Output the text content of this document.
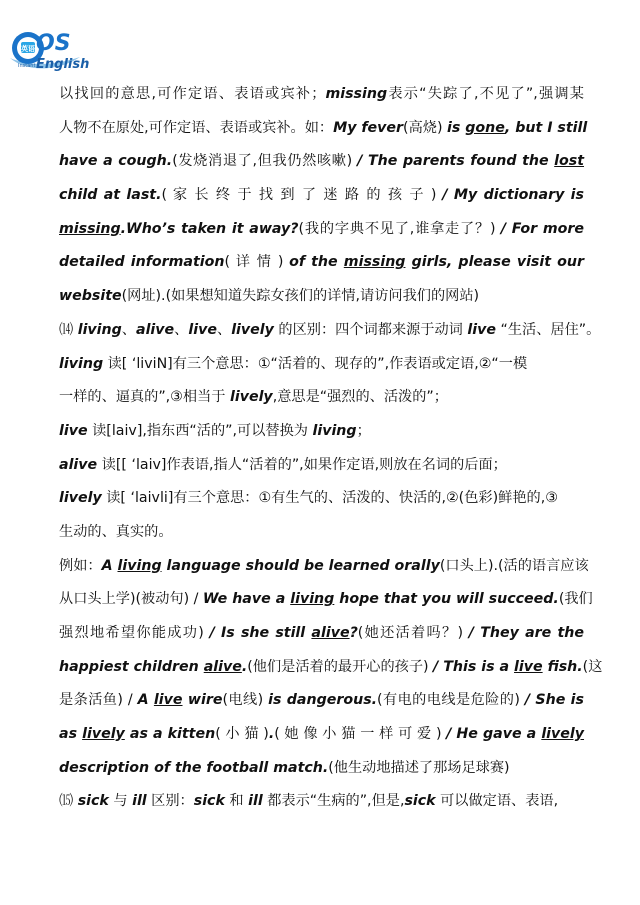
英语 OS
English
Instant
以找回的意思,可作定语、表语或宾补；missing表示“失踪了,不见了”,强调某
人物不在原处,可作定语、表语或宾补。如：My fever(高烧) is gone, but I still
have a cough.(发烧消退了,但我仍然咳嗽) / The parents found the lost
child at last.( 家 长 终 于 找 到 了 迷 路 的 孩 子 ) / My dictionary is
missing.Who’s taken it away?(我的字典不见了,谁拿走了？) / For more
detailed information( 详 情 ) of the missing girls, please visit our
website(网址).(如果想知道失踪女孩们的详情,请访问我们的网站)
⒁ living、alive、live、lively 的区别：四个词都来源于动词 live “生活、居住”。
living 读[ ‘liviN]有三个意思：①“活着的、现存的”,作表语或定语,②“一模
一样的、逼真的”,③相当于 lively,意思是“强烈的、活泼的”；
live 读[laiv],指东西“活的”,可以替换为 living；
alive 读[[ ‘laiv]作表语,指人“活着的”,如果作定语,则放在名词的后面；
lively 读[ ‘laivli]有三个意思：①有生气的、活泼的、快活的,②(色彩)鲜艳的,③
生动的、真实的。
例如：A living language should be learned orally(口头上).(活的语言应该
从口头上学)(被动句) / We have a living hope that you will succeed.(我们
强烈地希望你能成功) / Is she still alive?(她还活着吗？) / They are the
happiest children alive.(他们是活着的最开心的孩子) / This is a live fish.(这
是条活鱼) / A live wire(电线) is dangerous.(有电的电线是危险的) / She is
as lively as a kitten( 小 猫 ).( 她 像 小 猫 一 样 可 爱 ) / He gave a lively
description of the football match.(他生动地描述了那场足球赛)
⒂ sick 与 ill 区别：sick 和 ill 都表示“生病的”,但是,sick 可以做定语、表语,
